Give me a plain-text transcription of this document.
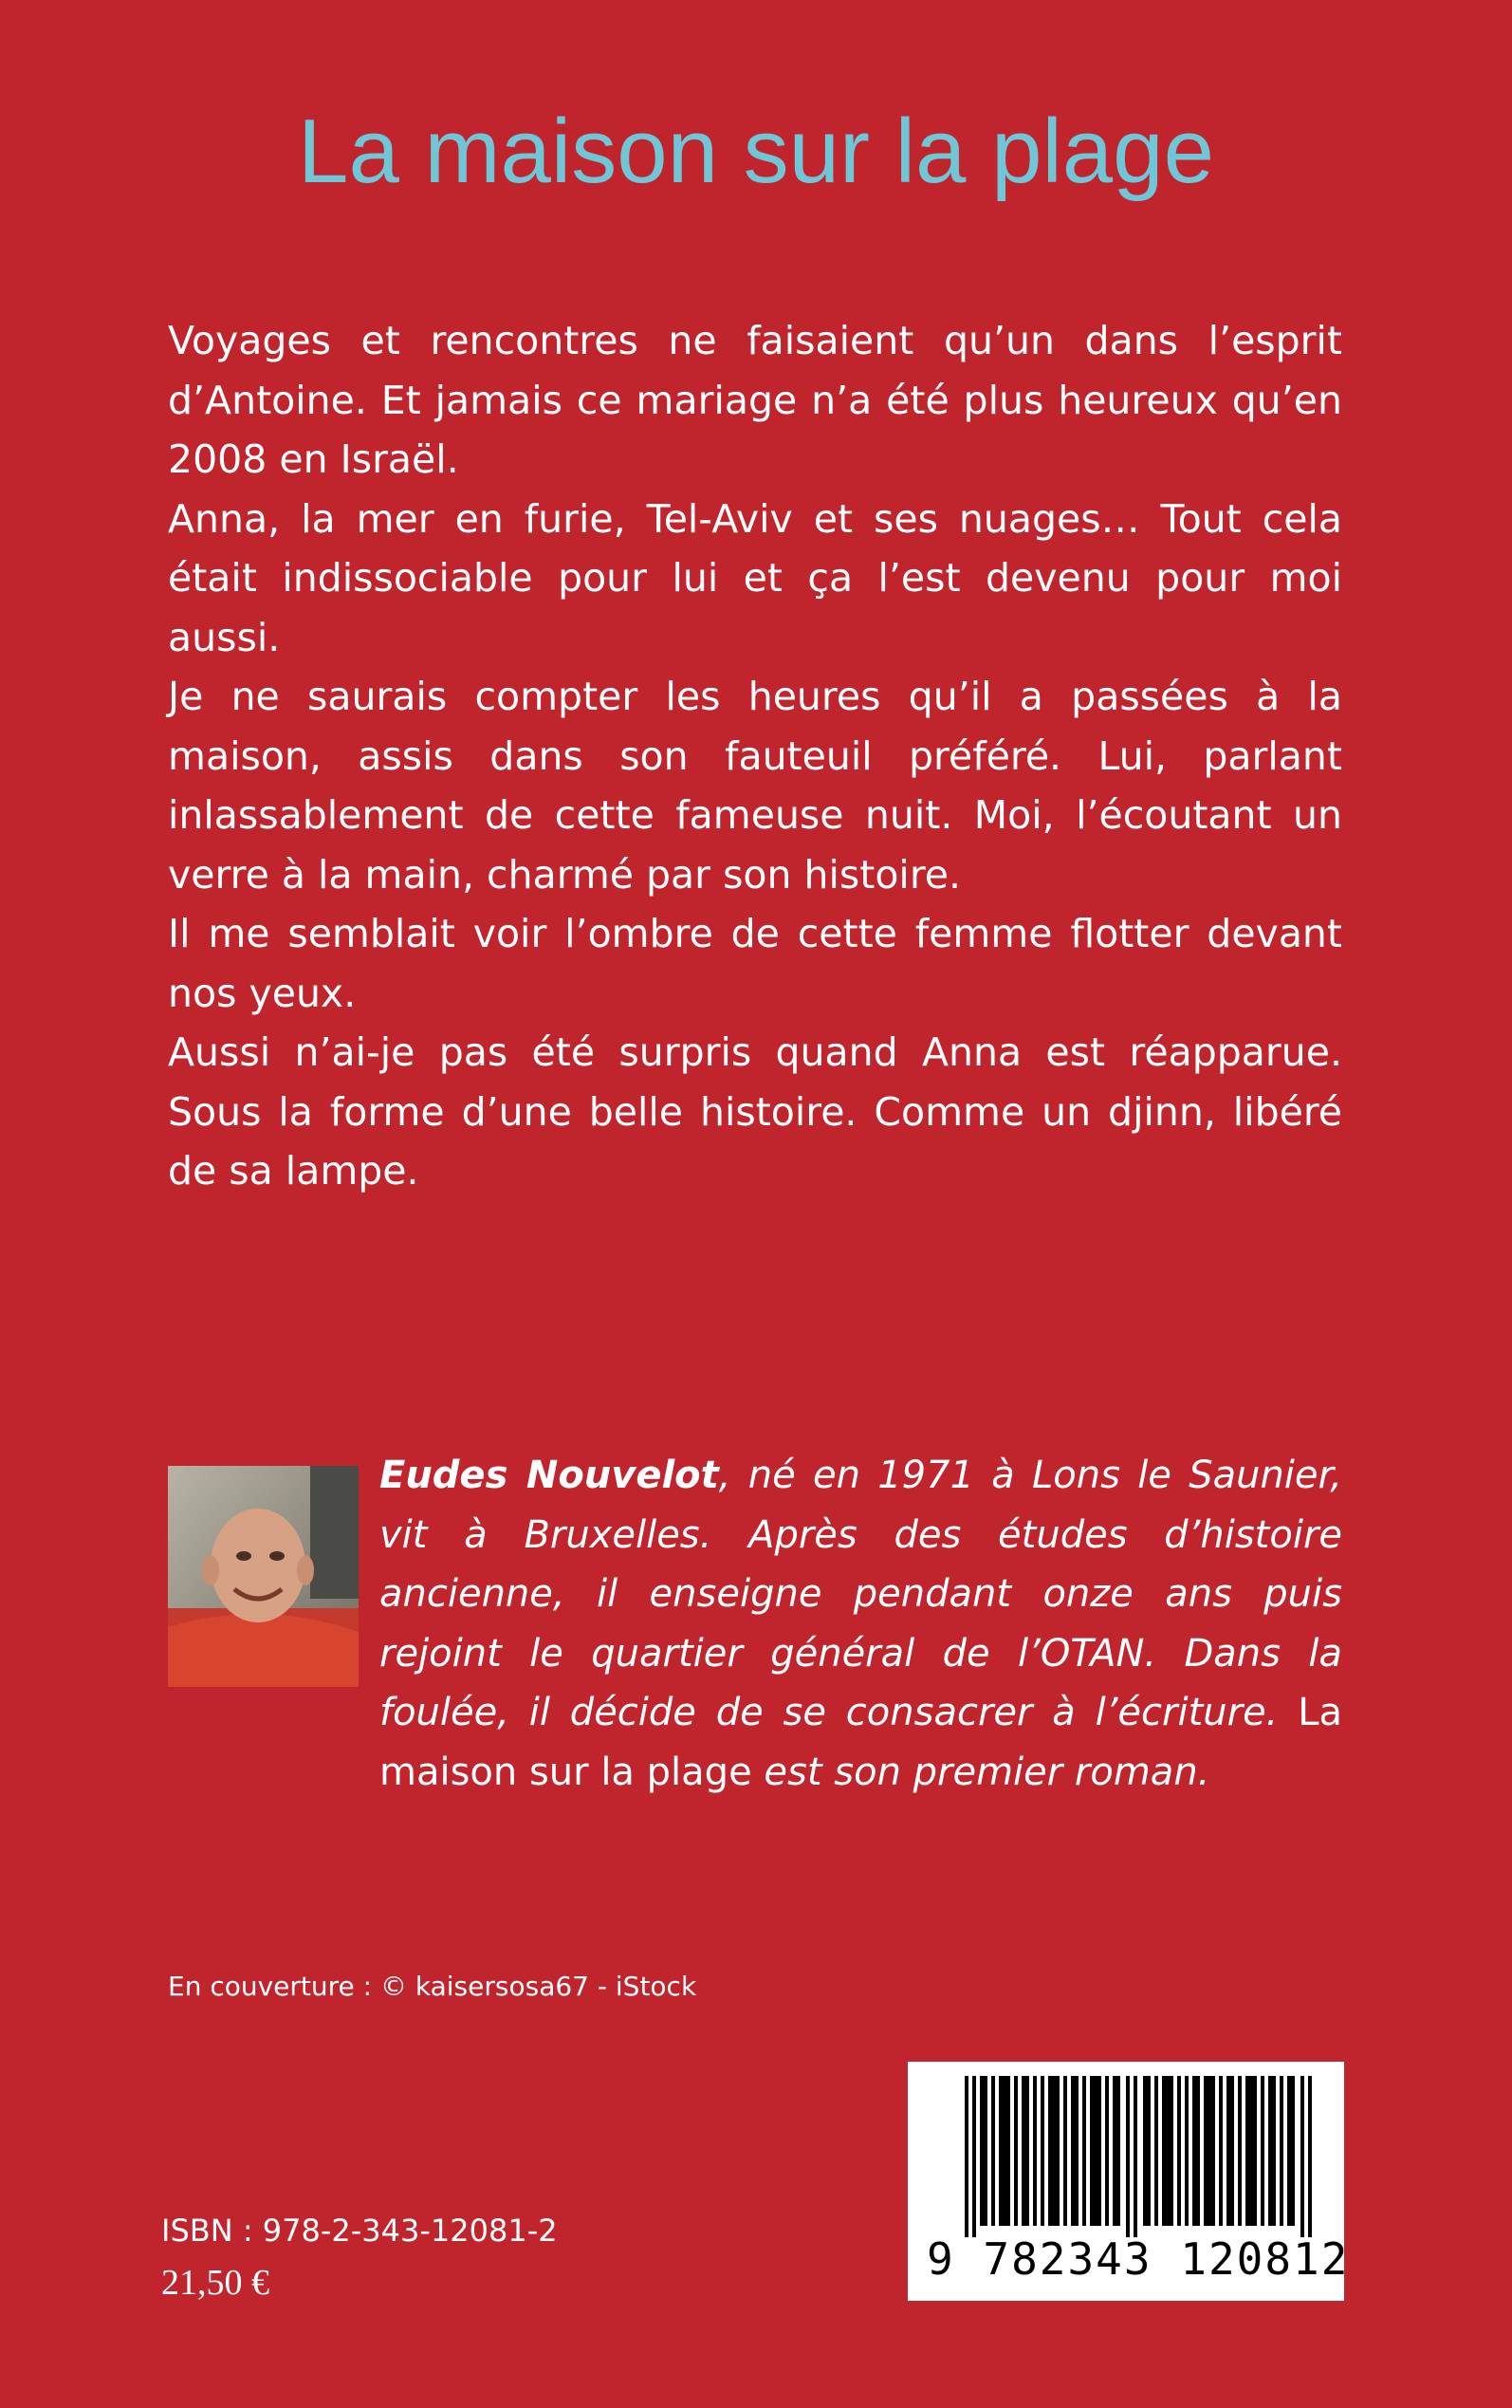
La maison sur la plage

Voyages et rencontres ne faisaient qu’un dans l’esprit d’Antoine. Et jamais ce mariage n’a été plus heureux qu’en 2008 en Israël.

Anna, la mer en furie, Tel-Aviv et ses nuages… Tout cela était indissociable pour lui et ça l’est devenu pour moi aussi.

Je ne saurais compter les heures qu’il a passées à la maison, assis dans son fauteuil préféré. Lui, parlant inlassablement de cette fameuse nuit. Moi, l’écoutant un verre à la main, charmé par son histoire.

Il me semblait voir l’ombre de cette femme flotter devant nos yeux.

Aussi n’ai-je pas été surpris quand Anna est réapparue. Sous la forme d’une belle histoire. Comme un djinn, libéré de sa lampe.

Eudes Nouvelot, né en 1971 à Lons le Saunier, vit à Bruxelles. Après des études d’histoire ancienne, il enseigne pendant onze ans puis rejoint le quartier général de l’OTAN. Dans la foulée, il décide de se consacrer à l’écriture. La maison sur la plage est son premier roman.

En couverture : © kaisersosa67 - iStock
ISBN : 978-2-343-12081-2
21,50 €	9 782343 120812
